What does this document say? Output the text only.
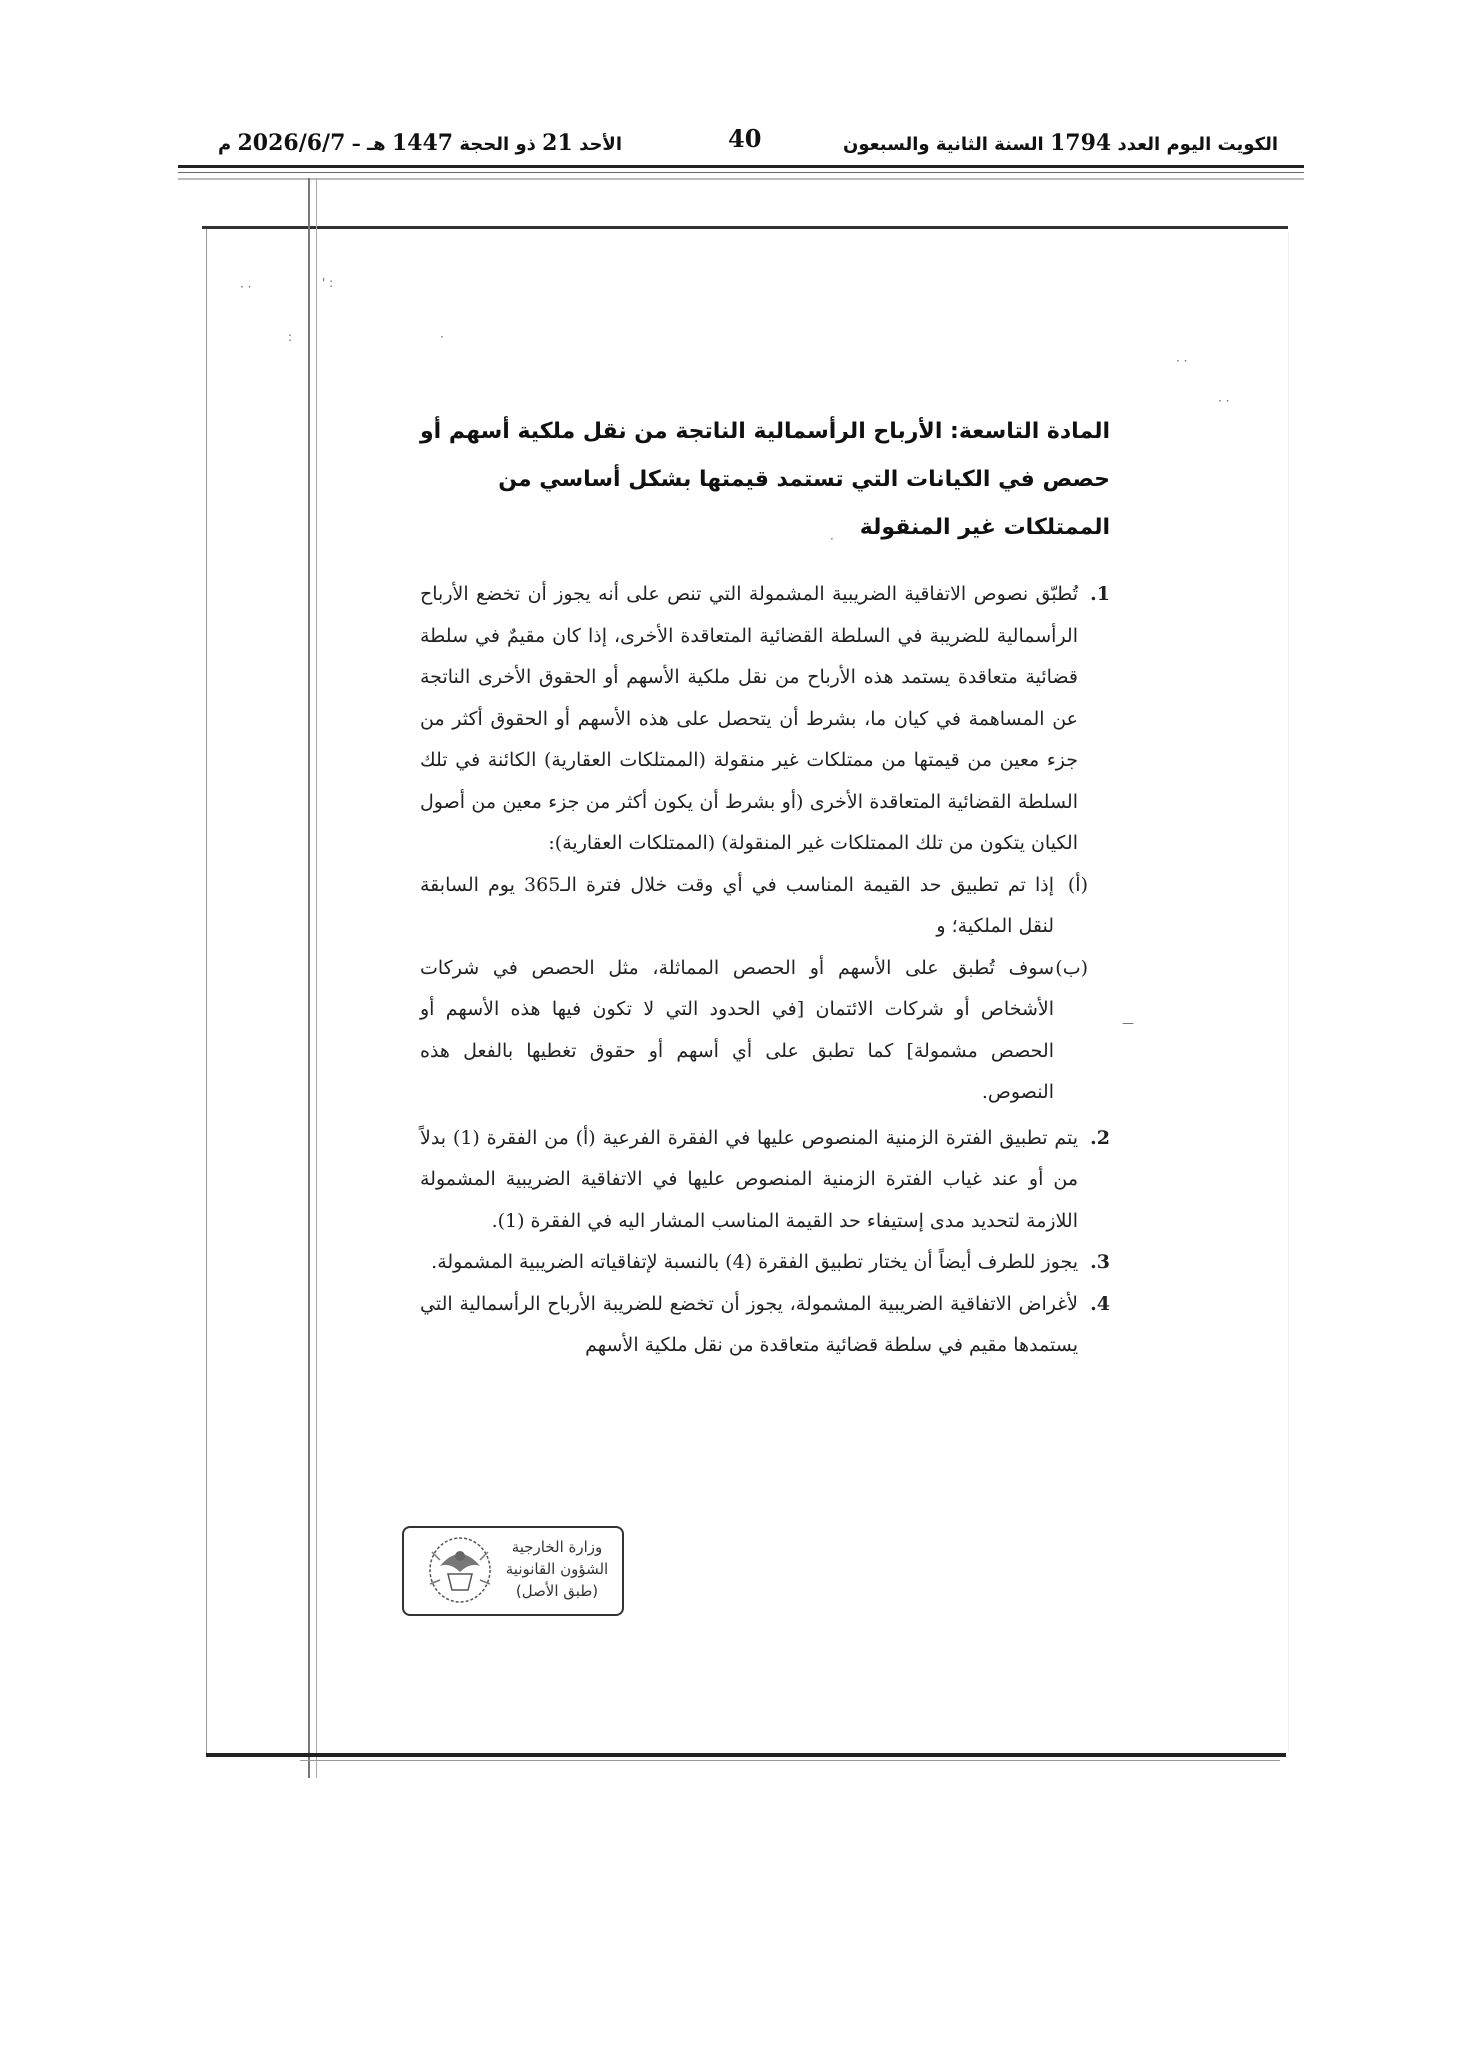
الكويت اليوم العدد 1794 السنة الثانية والسبعون
40
الأحد 21 ذو الحجة 1447 هـ – 2026/6/7 م
· ·	' :
:
· ·
· ·
·
·
—
المادة التاسعة: الأرباح الرأسمالية الناتجة من نقل ملكية أسهم أو حصص في الكيانات التي تستمد قيمتها بشكل أساسي من الممتلكات غير المنقولة
1.
تُطبّق نصوص الاتفاقية الضريبية المشمولة التي تنص على أنه يجوز أن تخضع الأرباح الرأسمالية للضريبة في السلطة القضائية المتعاقدة الأخرى، إذا كان مقيمٌ في سلطة قضائية متعاقدة يستمد هذه الأرباح من نقل ملكية الأسهم أو الحقوق الأخرى الناتجة عن المساهمة في كيان ما، بشرط أن يتحصل على هذه الأسهم أو الحقوق أكثر من جزء معين من قيمتها من ممتلكات غير منقولة (الممتلكات العقارية) الكائنة في تلك السلطة القضائية المتعاقدة الأخرى (أو بشرط أن يكون أكثر من جزء معين من أصول الكيان يتكون من تلك الممتلكات غير المنقولة) (الممتلكات العقارية):
(أ)
إذا تم تطبيق حد القيمة المناسب في أي وقت خلال فترة الـ365 يوم السابقة لنقل الملكية؛ و
(ب)
سوف تُطبق على الأسهم أو الحصص المماثلة، مثل الحصص في شركات الأشخاص أو شركات الائتمان [في الحدود التي لا تكون فيها هذه الأسهم أو الحصص مشمولة] كما تطبق على أي أسهم أو حقوق تغطيها بالفعل هذه النصوص.
2.
يتم تطبيق الفترة الزمنية المنصوص عليها في الفقرة الفرعية (أ) من الفقرة (1) بدلاً من أو عند غياب الفترة الزمنية المنصوص عليها في الاتفاقية الضريبية المشمولة اللازمة لتحديد مدى إستيفاء حد القيمة المناسب المشار اليه في الفقرة (1).
3.
يجوز للطرف أيضاً أن يختار تطبيق الفقرة (4) بالنسبة لإتفاقياته الضريبية المشمولة.
4.
لأغراض الاتفاقية الضريبية المشمولة، يجوز أن تخضع للضريبة الأرباح الرأسمالية التي يستمدها مقيم في سلطة قضائية متعاقدة من نقل ملكية الأسهم
وزارة الخارجية
الشؤون القانونية
(طبق الأصل)
